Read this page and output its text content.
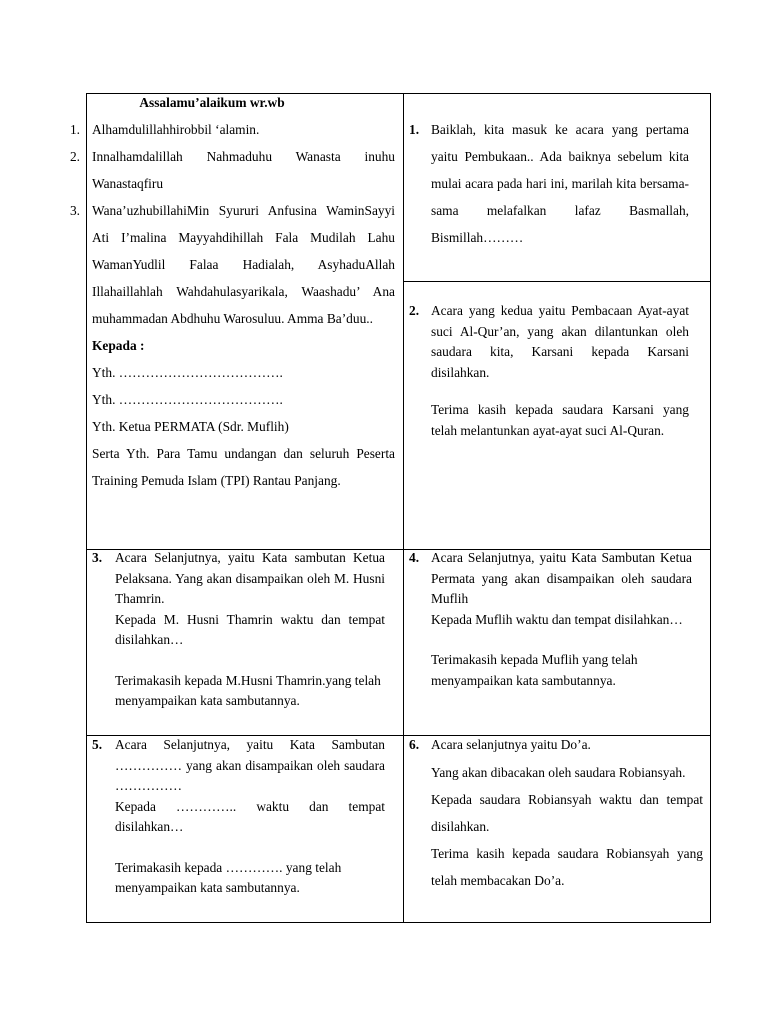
1.
2.
3.
Assalamu’alaikum wr.wb
Alhamdulillahhirobbil ‘alamin.
Innalhamdalillah Nahmaduhu Wanasta inuhu Wanastaqfiru
Wana’uzhubillahiMin Syururi Anfusina WaminSayyi Ati I’malina Mayyahdihillah Fala Mudilah Lahu WamanYudlil Falaa Hadialah, AsyhaduAllah Illahaillahlah Wahdahulasyarikala, Waashadu’ Ana muhammadan Abdhuhu Warosuluu. Amma Ba’duu..
Kepada :
Yth. ……………………………….
Yth. ……………………………….
Yth. Ketua PERMATA (Sdr. Muflih)
Serta Yth. Para Tamu undangan dan seluruh Peserta Training Pemuda Islam (TPI) Rantau Panjang.
1. Baiklah, kita masuk ke acara yang pertama yaitu Pembukaan.. Ada baiknya sebelum kita mulai acara pada hari ini, marilah kita bersama-sama melafalkan lafaz Basmallah, Bismillah………
2. Acara yang kedua yaitu Pembacaan Ayat-ayat suci Al-Qur’an, yang akan dilantunkan oleh saudara kita, Karsani kepada Karsani disilahkan.
Terima kasih kepada saudara Karsani yang telah melantunkan ayat-ayat suci Al-Quran.
3. Acara Selanjutnya, yaitu Kata sambutan Ketua Pelaksana. Yang akan disampaikan oleh M. Husni Thamrin.
Kepada M. Husni Thamrin waktu dan tempat disilahkan…
Terimakasih kepada M.Husni Thamrin.yang telah menyampaikan kata sambutannya.
4. Acara Selanjutnya, yaitu Kata Sambutan Ketua Permata yang akan disampaikan oleh saudara Muflih
Kepada Muflih waktu dan tempat disilahkan…
Terimakasih kepada Muflih yang telah menyampaikan kata sambutannya.
5. Acara Selanjutnya, yaitu Kata Sambutan …………… yang akan disampaikan oleh saudara ……………
Kepada ………….. waktu dan tempat disilahkan…
Terimakasih kepada …………. yang telah menyampaikan kata sambutannya.
6. Acara selanjutnya yaitu Do’a.
Yang akan dibacakan oleh saudara Robiansyah.
Kepada saudara Robiansyah waktu dan tempat disilahkan.
Terima kasih kepada saudara Robiansyah yang telah membacakan Do’a.
